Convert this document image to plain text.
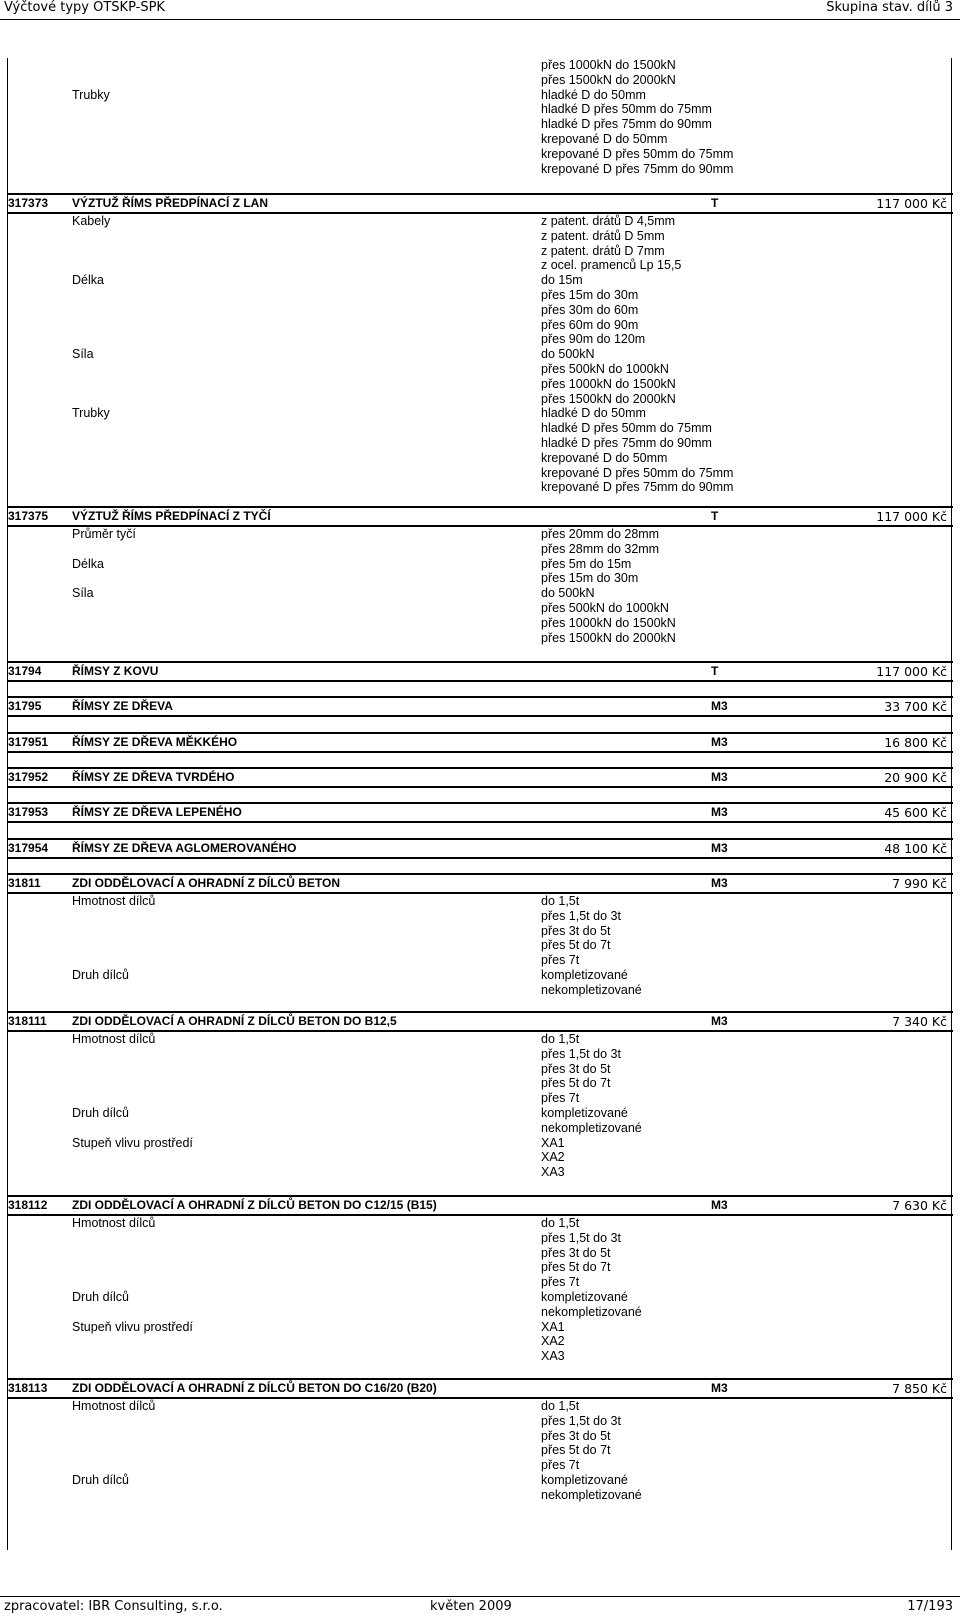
Výčtové typy OTSKP-SPK	Skupina stav. dílů 3
přes 1000kN do 1500kN
přes 1500kN do 2000kN
Trubky	hladké D do 50mm
hladké D přes 50mm do 75mm
hladké D přes 75mm do 90mm
krepované D do 50mm
krepované D přes 50mm do 75mm
krepované D přes 75mm do 90mm
317373 VÝZTUŽ ŘÍMS PŘEDPÍNACÍ Z LAN	T	117 000 Kč
Kabely	z patent. drátů D 4,5mm
z patent. drátů D 5mm
z patent. drátů D 7mm
z ocel. pramenců Lp 15,5
Délka	do 15m
přes 15m do 30m
přes 30m do 60m
přes 60m do 90m
přes 90m do 120m
Síla	do 500kN
přes 500kN do 1000kN
přes 1000kN do 1500kN
přes 1500kN do 2000kN
Trubky	hladké D do 50mm
hladké D přes 50mm do 75mm
hladké D přes 75mm do 90mm
krepované D do 50mm
krepované D přes 50mm do 75mm
krepované D přes 75mm do 90mm
317375 VÝZTUŽ ŘÍMS PŘEDPÍNACÍ Z TYČÍ	T	117 000 Kč
Průměr tyčí	přes 20mm do 28mm
přes 28mm do 32mm
Délka	přes 5m do 15m
přes 15m do 30m
Síla	do 500kN
přes 500kN do 1000kN
přes 1000kN do 1500kN
přes 1500kN do 2000kN
31794	ŘÍMSY Z KOVU	T	117 000 Kč
31795	ŘÍMSY ZE DŘEVA	M3	33 700 Kč
317951 ŘÍMSY ZE DŘEVA MĚKKÉHO	M3	16 800 Kč
317952 ŘÍMSY ZE DŘEVA TVRDÉHO	M3	20 900 Kč
317953 ŘÍMSY ZE DŘEVA LEPENÉHO	M3	45 600 Kč
317954 ŘÍMSY ZE DŘEVA AGLOMEROVANÉHO	M3	48 100 Kč
31811	ZDI ODDĚLOVACÍ A OHRADNÍ Z DÍLCŮ BETON	M3	7 990 Kč
Hmotnost dílců	do 1,5t
přes 1,5t do 3t
přes 3t do 5t
přes 5t do 7t
přes 7t
Druh dílců	kompletizované
nekompletizované
318111 ZDI ODDĚLOVACÍ A OHRADNÍ Z DÍLCŮ BETON DO B12,5	M3	7 340 Kč
Hmotnost dílců	do 1,5t
přes 1,5t do 3t
přes 3t do 5t
přes 5t do 7t
přes 7t
Druh dílců	kompletizované
nekompletizované
Stupeň vlivu prostředí	XA1
XA2
XA3
318112 ZDI ODDĚLOVACÍ A OHRADNÍ Z DÍLCŮ BETON DO C12/15 (B15)	M3	7 630 Kč
Hmotnost dílců	do 1,5t
přes 1,5t do 3t
přes 3t do 5t
přes 5t do 7t
přes 7t
Druh dílců	kompletizované
nekompletizované
Stupeň vlivu prostředí	XA1
XA2
XA3
318113 ZDI ODDĚLOVACÍ A OHRADNÍ Z DÍLCŮ BETON DO C16/20 (B20)	M3	7 850 Kč
Hmotnost dílců	do 1,5t
přes 1,5t do 3t
přes 3t do 5t
přes 5t do 7t
přes 7t
Druh dílců	kompletizované
nekompletizované
zpracovatel: IBR Consulting, s.r.o.	květen 2009	17/193
